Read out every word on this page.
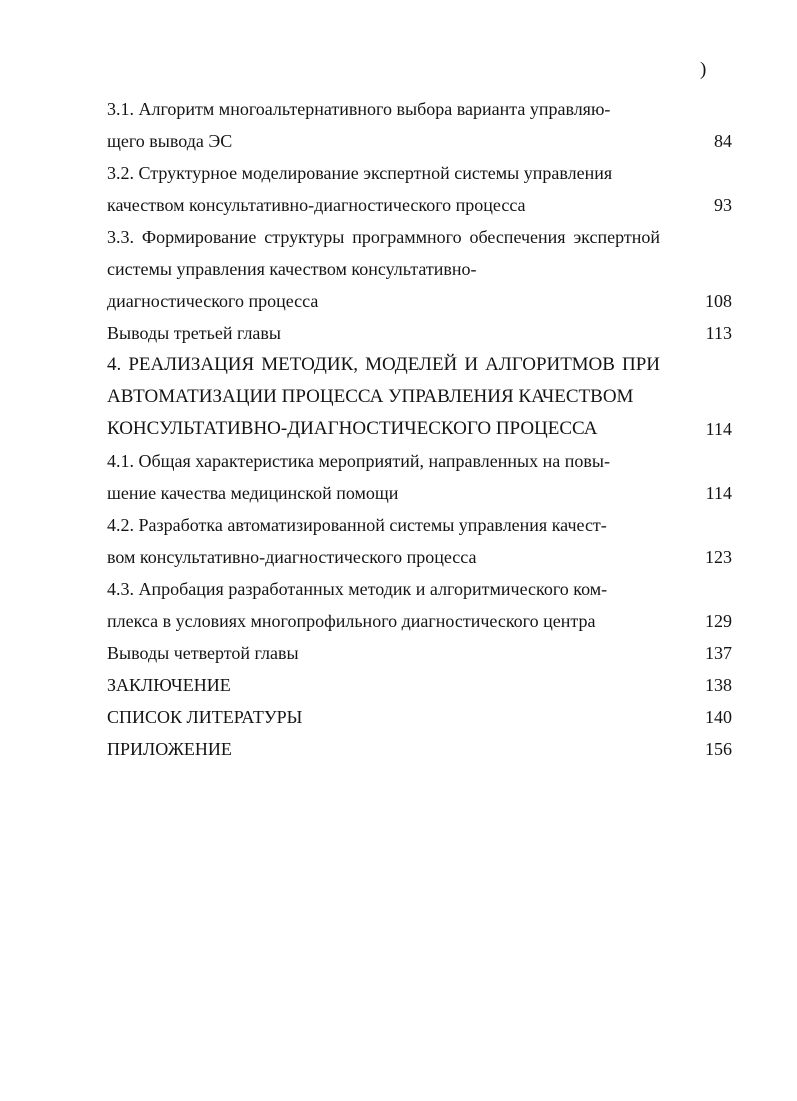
)
3.1. Алгоритм многоальтернативного выбора варианта управляю-
щего вывода ЭС	84
3.2. Структурное моделирование экспертной системы управления
качеством консультативно-диагностического процесса	93
3.3. Формирование структуры программного обеспечения экспертной системы управления качеством консультативно-
диагностического процесса	108
Выводы третьей главы	113
4. РЕАЛИЗАЦИЯ МЕТОДИК, МОДЕЛЕЙ И АЛГОРИТМОВ ПРИ АВТОМАТИЗАЦИИ ПРОЦЕССА УПРАВЛЕНИЯ КАЧЕСТВОМ
КОНСУЛЬТАТИВНО-ДИАГНОСТИЧЕСКОГО ПРОЦЕССА	114
4.1. Общая характеристика мероприятий, направленных на повы-
шение качества медицинской помощи	114
4.2. Разработка автоматизированной системы управления качест-
вом консультативно-диагностического процесса	123
4.3. Апробация разработанных методик и алгоритмического ком-
плекса в условиях многопрофильного диагностического центра	129
Выводы четвертой главы	137
ЗАКЛЮЧЕНИЕ	138
СПИСОК ЛИТЕРАТУРЫ	140
ПРИЛОЖЕНИЕ	156
